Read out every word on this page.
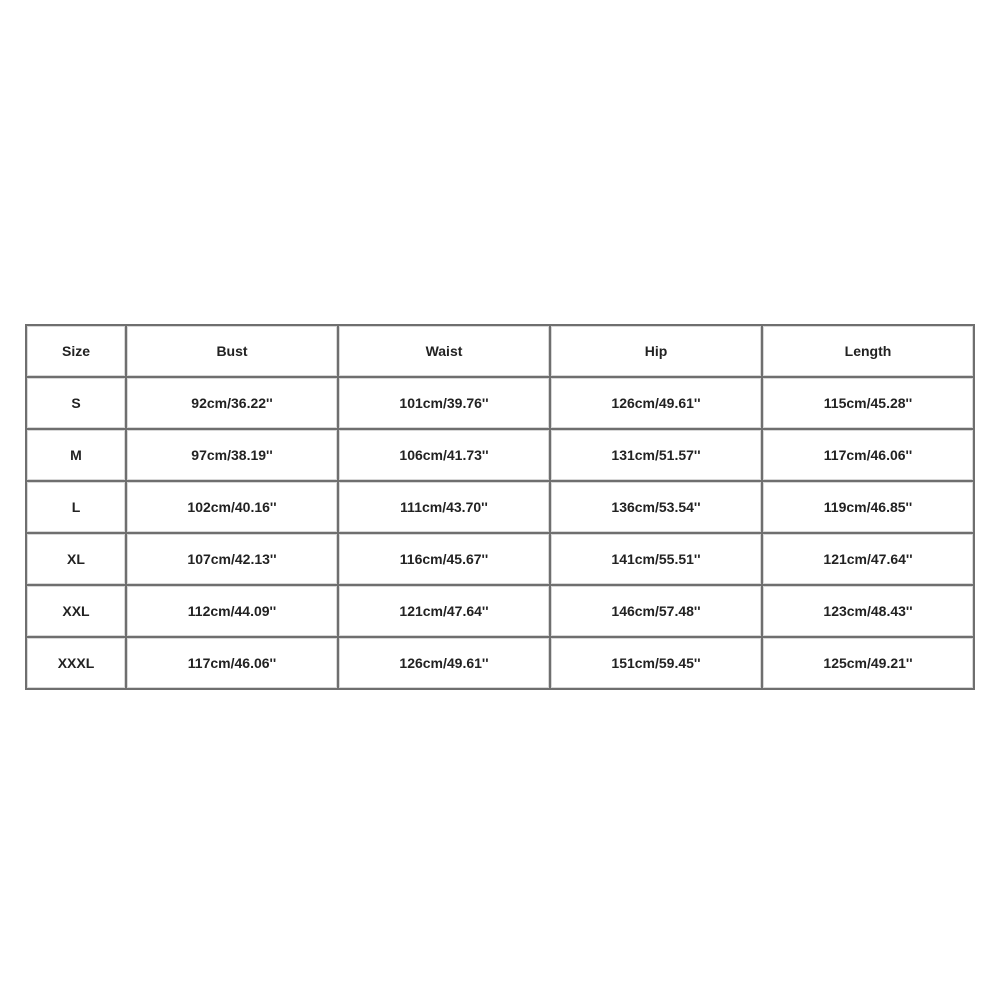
Size	Bust	Waist	Hip	Length
S	92cm/36.22''	101cm/39.76''	126cm/49.61''	115cm/45.28''
M	97cm/38.19''	106cm/41.73''	131cm/51.57''	117cm/46.06''
L	102cm/40.16''	111cm/43.70''	136cm/53.54''	119cm/46.85''
XL	107cm/42.13''	116cm/45.67''	141cm/55.51''	121cm/47.64''
XXL	112cm/44.09''	121cm/47.64''	146cm/57.48''	123cm/48.43''
XXXL	117cm/46.06''	126cm/49.61''	151cm/59.45''	125cm/49.21''
